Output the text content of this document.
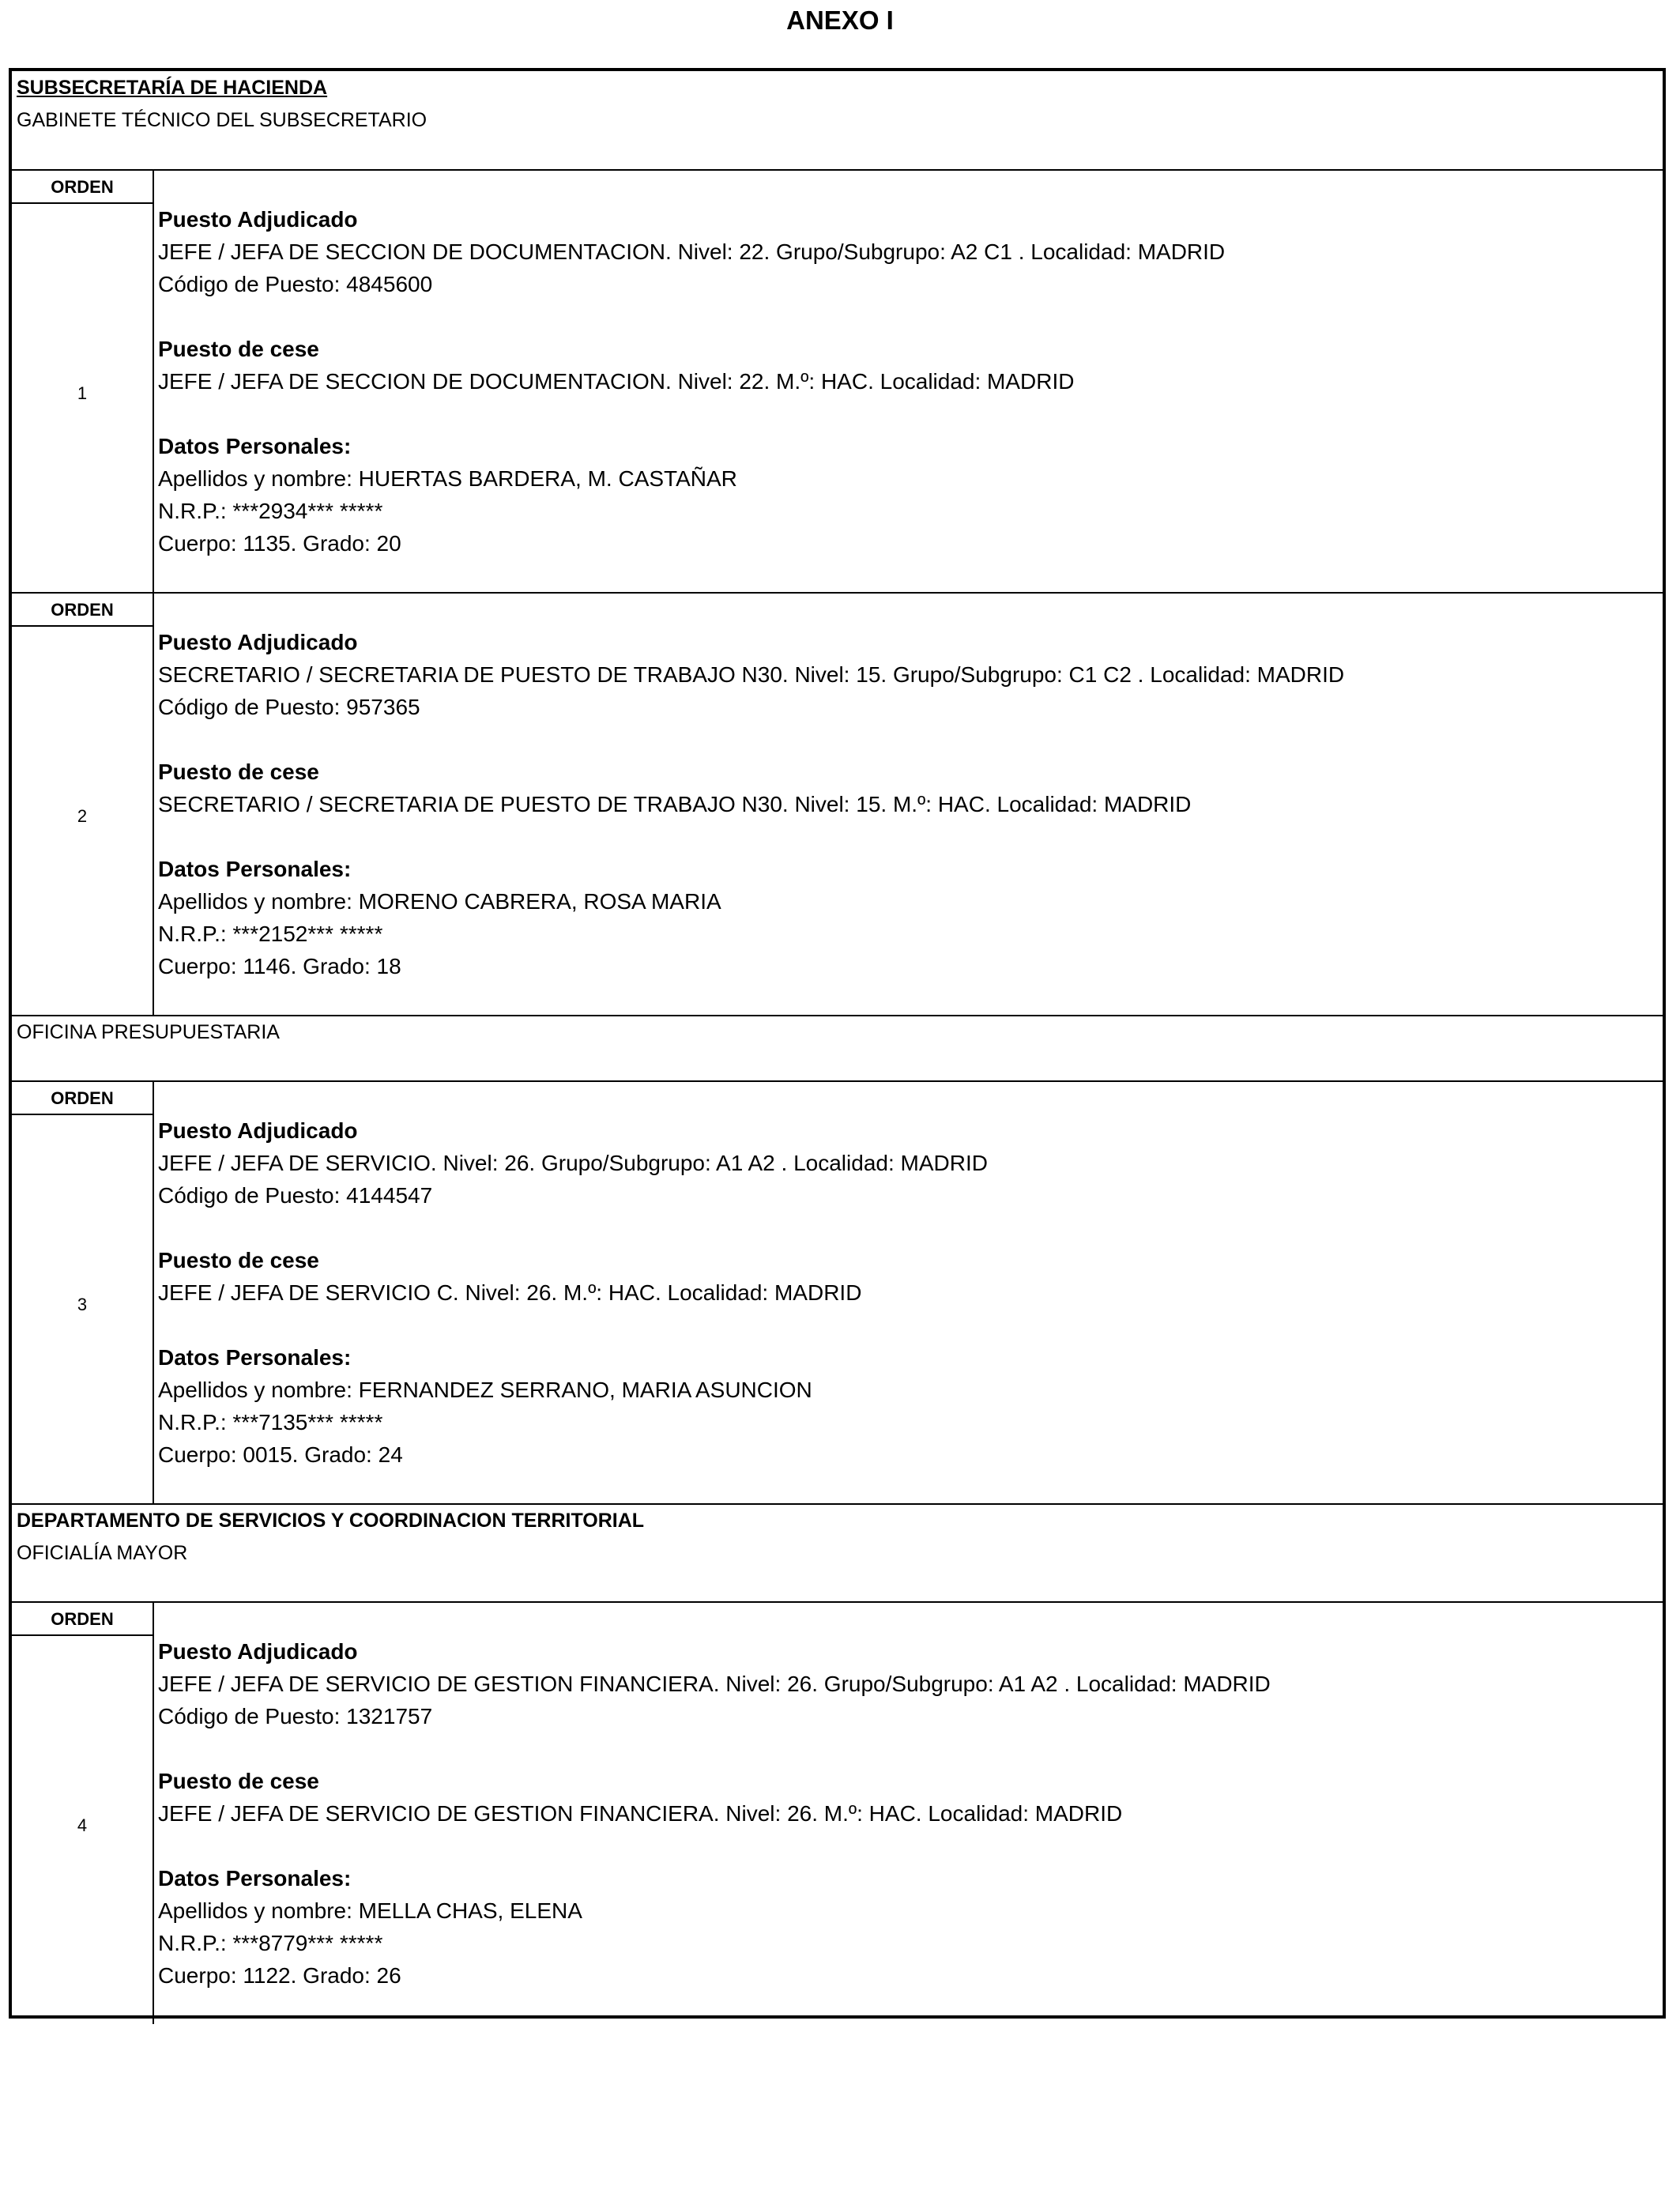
ANEXO I
SUBSECRETARÍA DE HACIENDA
GABINETE TÉCNICO DEL SUBSECRETARIO
ORDEN
1
Puesto Adjudicado
JEFE / JEFA DE SECCION DE DOCUMENTACION. Nivel: 22. Grupo/Subgrupo: A2 C1 . Localidad: MADRID
Código de Puesto: 4845600
Puesto de cese
JEFE / JEFA DE SECCION DE DOCUMENTACION. Nivel: 22. M.º: HAC. Localidad: MADRID
Datos Personales:
Apellidos y nombre: HUERTAS BARDERA, M. CASTAÑAR
N.R.P.: ***2934*** *****
Cuerpo: 1135. Grado: 20
ORDEN
2
Puesto Adjudicado
SECRETARIO / SECRETARIA DE PUESTO DE TRABAJO N30. Nivel: 15. Grupo/Subgrupo: C1 C2 . Localidad: MADRID
Código de Puesto: 957365
Puesto de cese
SECRETARIO / SECRETARIA DE PUESTO DE TRABAJO N30. Nivel: 15. M.º: HAC. Localidad: MADRID
Datos Personales:
Apellidos y nombre: MORENO CABRERA, ROSA MARIA
N.R.P.: ***2152*** *****
Cuerpo: 1146. Grado: 18
OFICINA PRESUPUESTARIA
ORDEN
3
Puesto Adjudicado
JEFE / JEFA DE SERVICIO. Nivel: 26. Grupo/Subgrupo: A1 A2 . Localidad: MADRID
Código de Puesto: 4144547
Puesto de cese
JEFE / JEFA DE SERVICIO C. Nivel: 26. M.º: HAC. Localidad: MADRID
Datos Personales:
Apellidos y nombre: FERNANDEZ SERRANO, MARIA ASUNCION
N.R.P.: ***7135*** *****
Cuerpo: 0015. Grado: 24
DEPARTAMENTO DE SERVICIOS Y COORDINACION TERRITORIAL
OFICIALÍA MAYOR
ORDEN
4
Puesto Adjudicado
JEFE / JEFA DE SERVICIO DE GESTION FINANCIERA. Nivel: 26. Grupo/Subgrupo: A1 A2 . Localidad: MADRID
Código de Puesto: 1321757
Puesto de cese
JEFE / JEFA DE SERVICIO DE GESTION FINANCIERA. Nivel: 26. M.º: HAC. Localidad: MADRID
Datos Personales:
Apellidos y nombre: MELLA CHAS, ELENA
N.R.P.: ***8779*** *****
Cuerpo: 1122. Grado: 26
